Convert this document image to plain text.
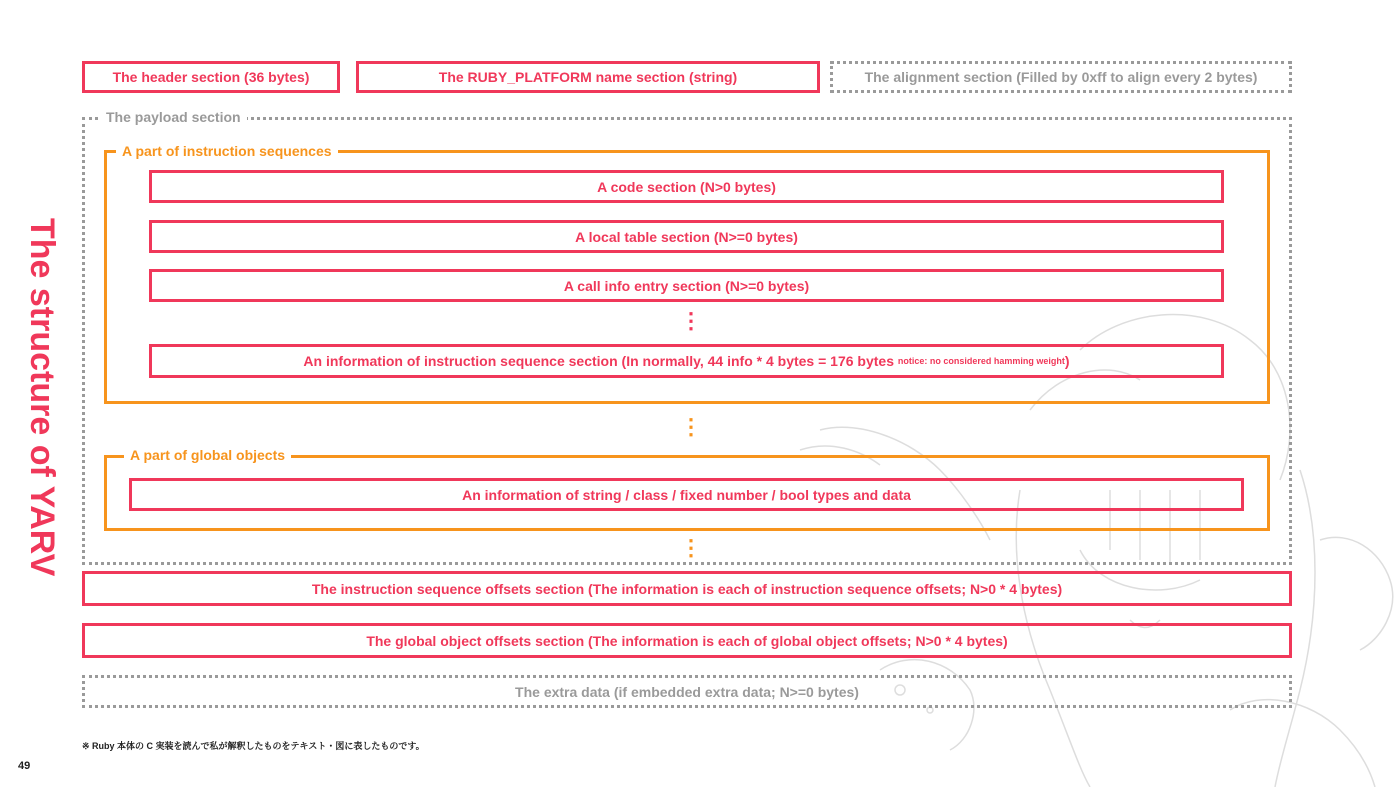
The structure of YARV
The header section (36 bytes)	The RUBY_PLATFORM name section (string)	The alignment section (Filled by 0xff to align every 2 bytes)
The payload section
A part of instruction sequences
A code section (N>0 bytes)
A local table section (N>=0 bytes)
A call info entry section (N>=0 bytes)
⋮
An information of instruction sequence section (In normally, 44 info * 4 bytes = 176 bytes
notice: no considered hamming weight )
⋮
A part of global objects
An information of string / class / fixed number / bool types and data
⋮
The instruction sequence offsets section (The information is each of instruction sequence offsets; N>0 * 4 bytes)
The global object offsets section (The information is each of global object offsets; N>0 * 4 bytes)
The extra data (if embedded extra data; N>=0 bytes)
※ Ruby 本体の C 実装を読んで私が解釈したものをテキスト・図に表したものです。
49
